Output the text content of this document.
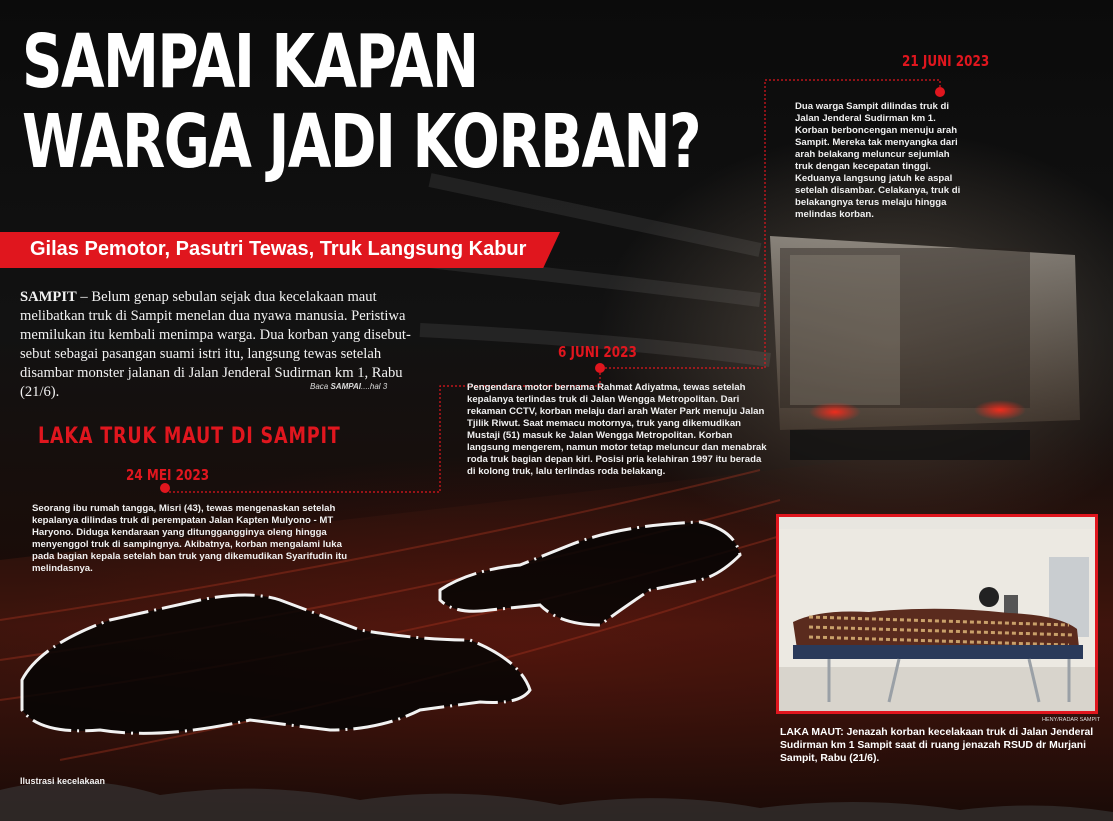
SAMPAI KAPAN
WARGA JADI KORBAN?
Gilas Pemotor, Pasutri Tewas, Truk Langsung Kabur

SAMPIT – Belum genap sebulan sejak dua kecelakaan maut melibatkan truk di Sampit menelan dua nyawa manusia. Peristiwa memilukan itu kembali menimpa warga. Dua korban yang disebut-sebut sebagai pasangan suami istri itu, langsung tewas setelah disambar monster jalanan di Jalan Jenderal Sudirman km 1, Rabu (21/6).	Baca SAMPAI....hal 3
LAKA TRUK MAUT DI SAMPIT
24 MEI 2023
Seorang ibu rumah tangga, Misri (43), tewas mengenaskan setelah kepalanya dilindas truk di perempatan Jalan Kapten Mulyono - MT Haryono. Diduga kendaraan yang ditunggangginya oleng hingga menyenggol truk di sampingnya. Akibatnya, korban mengalami luka pada bagian kepala setelah ban truk yang dikemudikan Syarifudin itu melindasnya.
6 JUNI 2023
Pengendara motor bernama Rahmat Adiyatma, tewas setelah kepalanya terlindas truk di Jalan Wengga Metropolitan. Dari rekaman CCTV, korban melaju dari arah Water Park menuju Jalan Tjilik Riwut. Saat memacu motornya, truk yang dikemudikan Mustaji (51) masuk ke Jalan Wengga Metropolitan. Korban langsung mengerem, namun motor tetap meluncur dan menabrak roda truk bagian depan kiri. Posisi pria kelahiran 1997 itu berada di kolong truk, lalu terlindas roda belakang.
21 JUNI 2023
Dua warga Sampit dilindas truk di Jalan Jenderal Sudirman km 1. Korban berboncengan menuju arah Sampit. Mereka tak menyangka dari arah belakang meluncur sejumlah truk dengan kecepatan tinggi. Keduanya langsung jatuh ke aspal setelah disambar. Celakanya, truk di belakangnya terus melaju hingga melindas korban.
HENY/RADAR SAMPIT
LAKA MAUT: Jenazah korban kecelakaan truk di Jalan Jenderal Sudirman km 1 Sampit saat di ruang jenazah RSUD dr Murjani Sampit, Rabu (21/6).
Ilustrasi kecelakaan
